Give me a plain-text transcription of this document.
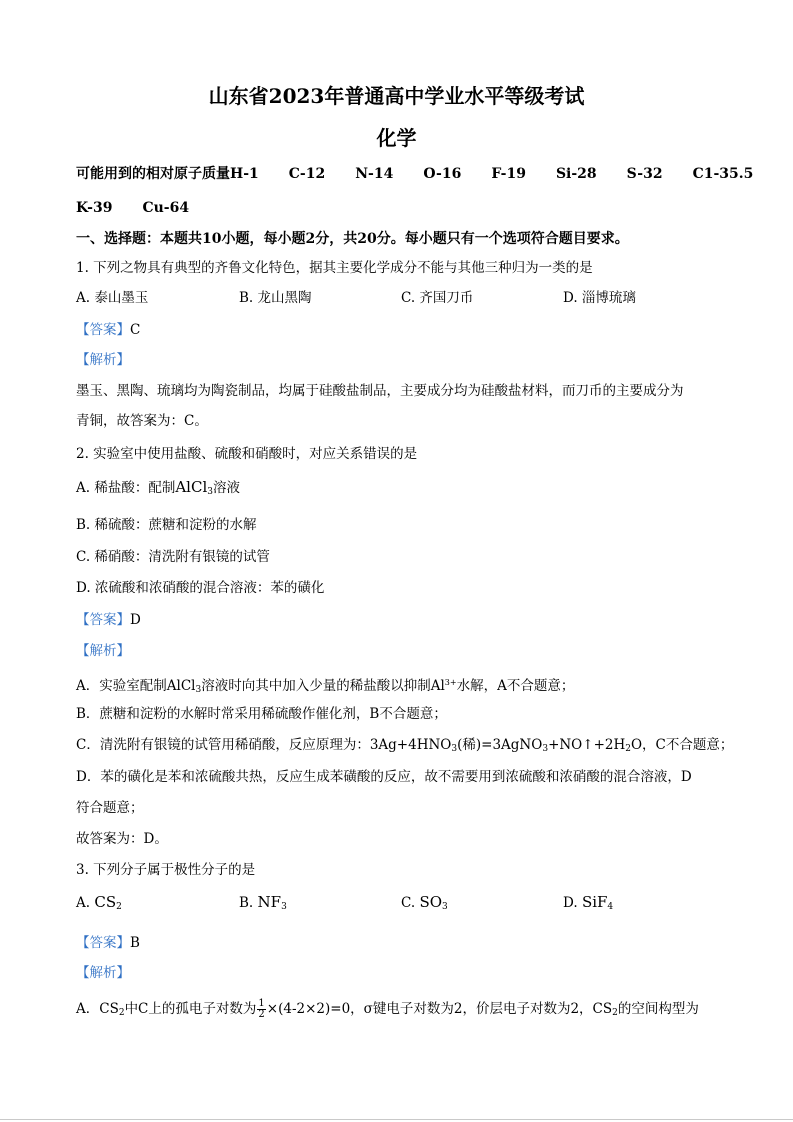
山东省2023年普通高中学业水平等级考试
化学
可能用到的相对原子质量H-1 C-12 N-14 O-16 F-19 Si-28 S-32 C1-35.5
K-39 Cu-64
一、选择题：本题共10小题，每小题2分，共20分。每小题只有一个选项符合题目要求。
1. 下列之物具有典型的齐鲁文化特色，据其主要化学成分不能与其他三种归为一类的是
A. 泰山墨玉	B. 龙山黑陶	C. 齐国刀币	D. 淄博琉璃
【答案】C
【解析】
墨玉、黑陶、琉璃均为陶瓷制品，均属于硅酸盐制品，主要成分均为硅酸盐材料，而刀币的主要成分为
青铜，故答案为：C。
2. 实验室中使用盐酸、硫酸和硝酸时，对应关系错误的是
A. 稀盐酸：配制AlCl$_3$溶液
B. 稀硫酸：蔗糖和淀粉的水解
C. 稀硝酸：清洗附有银镜的试管
D. 浓硫酸和浓硝酸的混合溶液：苯的磺化
【答案】D
【解析】
A．实验室配制AlCl$_3$溶液时向其中加入少量的稀盐酸以抑制$Al^{3+}$水解，A不合题意；
B．蔗糖和淀粉的水解时常采用稀硫酸作催化剂，B不合题意；
C．清洗附有银镜的试管用稀硝酸，反应原理为：$3Ag+4HNO_3$(稀)$=3AgNO_3+NO↑+2H_2O$，C不合题意；
D．苯的磺化是苯和浓硫酸共热，反应生成苯磺酸的反应，故不需要用到浓硫酸和浓硝酸的混合溶液，D
符合题意；
故答案为：D。
3. 下列分子属于极性分子的是
A. $CS_2$	B. $NF_3$	C. $SO_3$	D. SiF$_4$
【答案】B
【解析】
A．$CS_2$中C上的孤电子对数为 $\frac{1}{2} \times(4-2\times 2)=0$，σ键电子对数为2，价层电子对数为2，$CS_2$的空间构型为
